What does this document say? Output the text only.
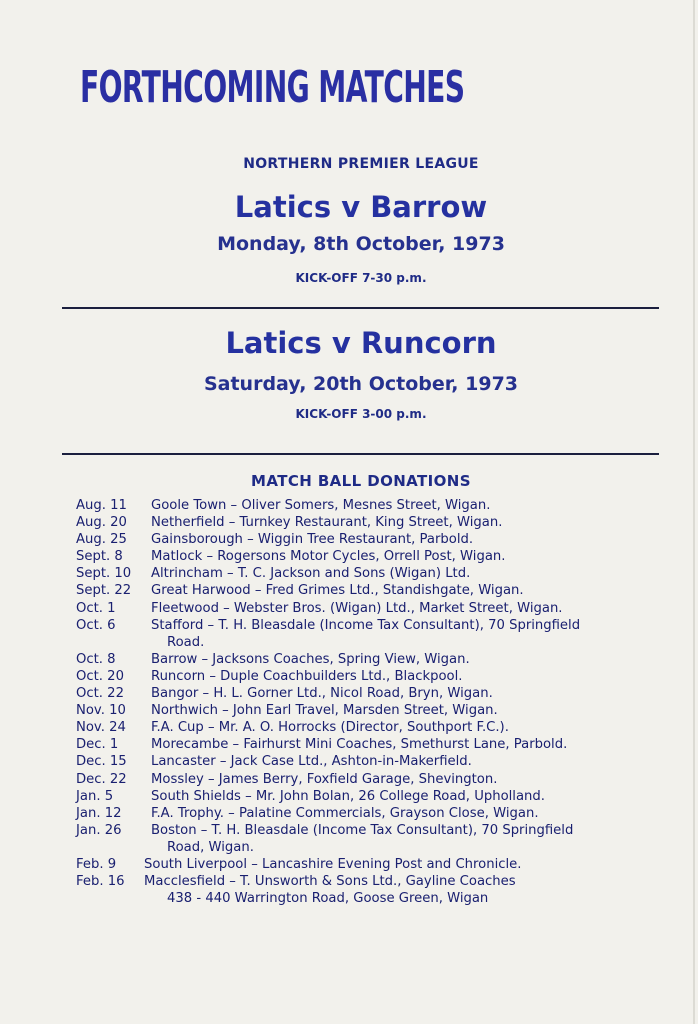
FORTHCOMING MATCHES
NORTHERN PREMIER LEAGUE
Latics v Barrow
Monday, 8th October, 1973
KICK-OFF 7-30 p.m.
Latics v Runcorn
Saturday, 20th October, 1973
KICK-OFF 3-00 p.m.
MATCH BALL DONATIONS
Aug. 11	Goole Town – Oliver Somers, Mesnes Street, Wigan.
Aug. 20	Netherfield – Turnkey Restaurant, King Street, Wigan.
Aug. 25	Gainsborough – Wiggin Tree Restaurant, Parbold.
Sept. 8	Matlock – Rogersons Motor Cycles, Orrell Post, Wigan.
Sept. 10	Altrincham – T. C. Jackson and Sons (Wigan) Ltd.
Sept. 22	Great Harwood – Fred Grimes Ltd., Standishgate, Wigan.
Oct. 1	Fleetwood – Webster Bros. (Wigan) Ltd., Market Street, Wigan.
Oct. 6	Stafford – T. H. Bleasdale (Income Tax Consultant), 70 Springfield
Road.
Oct. 8	Barrow – Jacksons Coaches, Spring View, Wigan.
Oct. 20	Runcorn – Duple Coachbuilders Ltd., Blackpool.
Oct. 22	Bangor – H. L. Gorner Ltd., Nicol Road, Bryn, Wigan.
Nov. 10	Northwich – John Earl Travel, Marsden Street, Wigan.
Nov. 24	F.A. Cup – Mr. A. O. Horrocks (Director, Southport F.C.).
Dec. 1	Morecambe – Fairhurst Mini Coaches, Smethurst Lane, Parbold.
Dec. 15	Lancaster – Jack Case Ltd., Ashton-in-Makerfield.
Dec. 22	Mossley – James Berry, Foxfield Garage, Shevington.
Jan. 5	South Shields – Mr. John Bolan, 26 College Road, Upholland.
Jan. 12	F.A. Trophy. – Palatine Commercials, Grayson Close, Wigan.
Jan. 26	Boston – T. H. Bleasdale (Income Tax Consultant), 70 Springfield
Road, Wigan.
Feb. 9	South Liverpool – Lancashire Evening Post and Chronicle.
Feb. 16	Macclesfield – T. Unsworth & Sons Ltd., Gayline Coaches
438 - 440 Warrington Road, Goose Green, Wigan
